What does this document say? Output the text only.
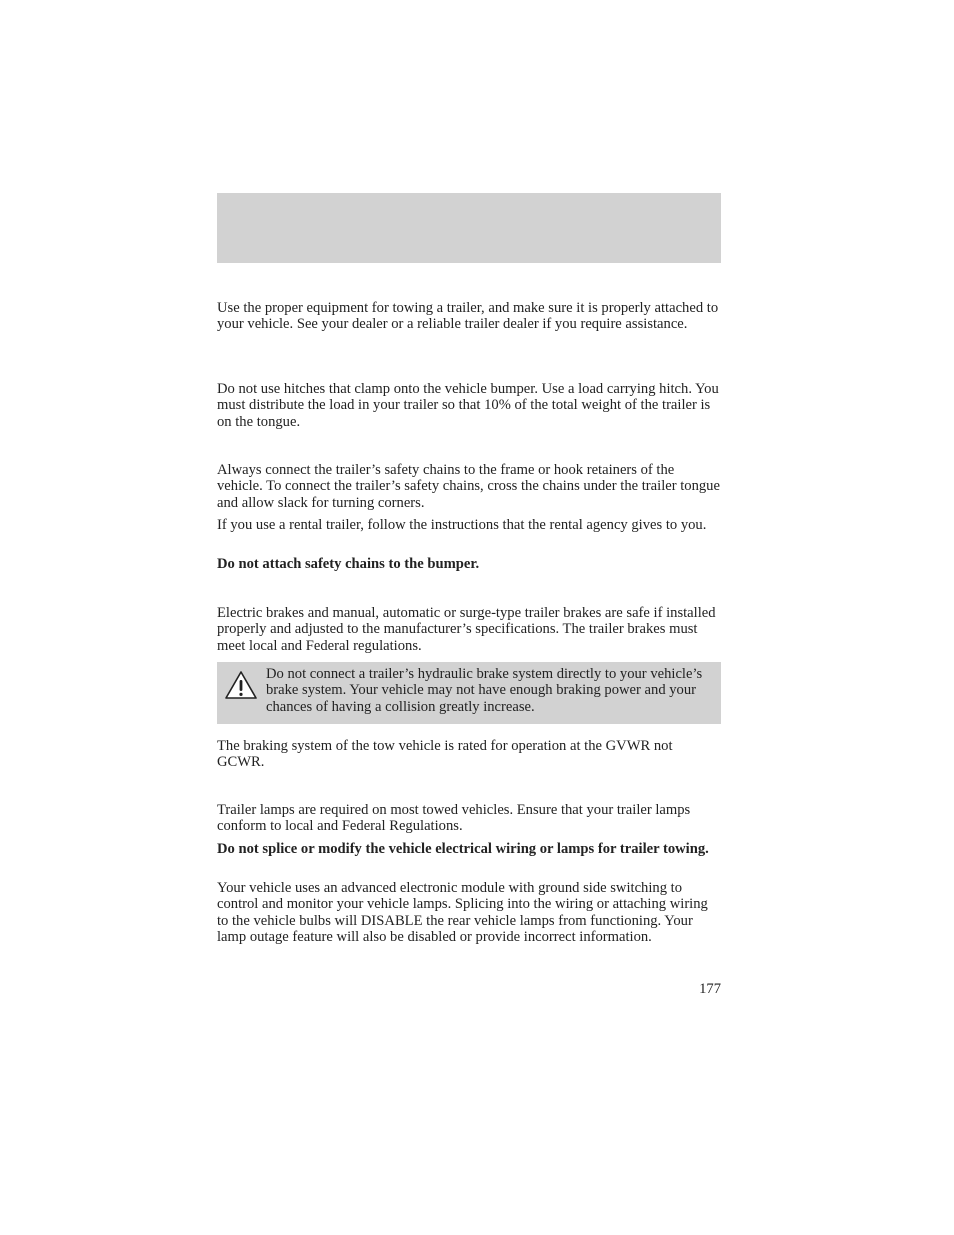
Use the proper equipment for towing a trailer, and make sure it is properly attached to your vehicle. See your dealer or a reliable trailer dealer if you require assistance.

Do not use hitches that clamp onto the vehicle bumper. Use a load carrying hitch. You must distribute the load in your trailer so that 10% of the total weight of the trailer is on the tongue.

Always connect the trailer’s safety chains to the frame or hook retainers of the vehicle. To connect the trailer’s safety chains, cross the chains under the trailer tongue and allow slack for turning corners.

If you use a rental trailer, follow the instructions that the rental agency gives to you.

Do not attach safety chains to the bumper.

Electric brakes and manual, automatic or surge-type trailer brakes are safe if installed properly and adjusted to the manufacturer’s specifications. The trailer brakes must meet local and Federal regulations.

Do not connect a trailer’s hydraulic brake system directly to your vehicle’s brake system. Your vehicle may not have enough braking power and your chances of having a collision greatly increase.

The braking system of the tow vehicle is rated for operation at the GVWR not GCWR.

Trailer lamps are required on most towed vehicles. Ensure that your trailer lamps conform to local and Federal Regulations.

Do not splice or modify the vehicle electrical wiring or lamps for trailer towing.

Your vehicle uses an advanced electronic module with ground side switching to control and monitor your vehicle lamps. Splicing into the wiring or attaching wiring to the vehicle bulbs will DISABLE the rear vehicle lamps from functioning. Your lamp outage feature will also be disabled or provide incorrect information.

177
